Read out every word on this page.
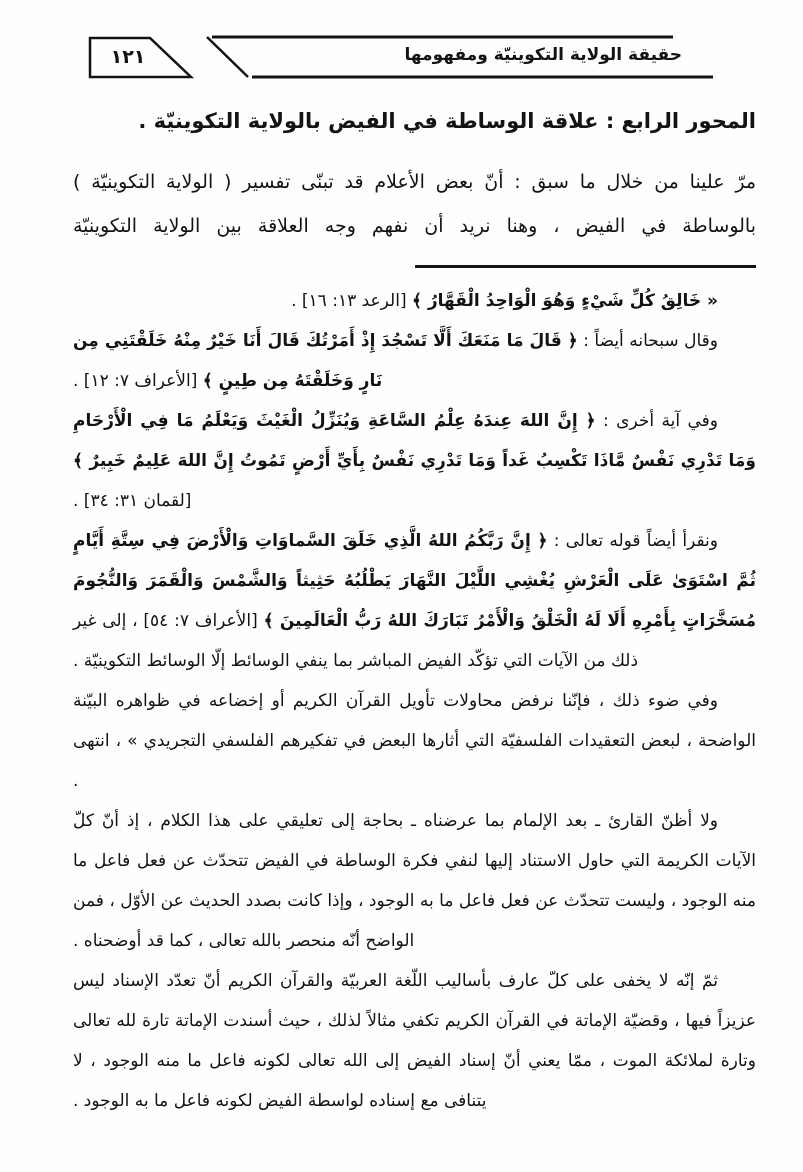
١٢١	حقيقة الولاية التكوينيّة ومفهومها
المحور الرابع : علاقة الوساطة في الفيض بالولاية التكوينيّة .
مرّ علينا من خلال ما سبق : أنّ بعض الأعلام قد تبنّى تفسير ( الولاية التكوينيّة ) بالوساطة في الفيض ، وهنا نريد أن نفهم وجه العلاقة بين الولاية التكوينيّة
« خَالِقُ كُلِّ شَيْءٍ وَهُوَ الْوَاحِدُ الْقَهَّارُ ﴾ [الرعد ١٣: ١٦] .
وقال سبحانه أيضاً : ﴿ قَالَ مَا مَنَعَكَ أَلَّا تَسْجُدَ إِذْ أَمَرْتُكَ قَالَ أَنَا خَيْرٌ مِنْهُ خَلَقْتَنِي مِن نَارٍ وَخَلَقْتَهُ مِن طِينٍ ﴾ [الأعراف ٧: ١٢] .
وفي آية أخرى : ﴿ إِنَّ اللهَ عِندَهُ عِلْمُ السَّاعَةِ وَيُنَزِّلُ الْغَيْثَ وَيَعْلَمُ مَا فِي الْأَرْحَامِ وَمَا تَدْرِي نَفْسٌ مَّاذَا تَكْسِبُ غَداً وَمَا تَدْرِي نَفْسٌ بِأَيِّ أَرْضٍ تَمُوتُ إِنَّ اللهَ عَلِيمٌ خَبِيرٌ ﴾ [لقمان ٣١: ٣٤] .
ونقرأ أيضاً قوله تعالى : ﴿ إِنَّ رَبَّكُمُ اللهُ الَّذِي خَلَقَ السَّماوَاتِ وَالْأَرْضَ فِي سِتَّةِ أَيَّامٍ ثُمَّ اسْتَوَىٰ عَلَى الْعَرْشِ يُغْشِي اللَّيْلَ النَّهَارَ يَطْلُبُهُ حَثِيثاً وَالشَّمْسَ وَالْقَمَرَ وَالنُّجُومَ مُسَخَّرَاتٍ بِأَمْرِهِ أَلَا لَهُ الْخَلْقُ وَالْأَمْرُ تَبَارَكَ اللهُ رَبُّ الْعَالَمِينَ ﴾ [الأعراف ٧: ٥٤] ، إلى غير ذلك من الآيات التي تؤكّد الفيض المباشر بما ينفي الوسائط إلّا الوسائط التكوينيّة .
وفي ضوء ذلك ، فإنّنا نرفض محاولات تأويل القرآن الكريم أو إخضاعه في ظواهره البيّنة الواضحة ، لبعض التعقيدات الفلسفيّة التي أثارها البعض في تفكيرهم الفلسفي التجريدي » ، انتهى .
ولا أظنّ القارئ ـ بعد الإلمام بما عرضناه ـ بحاجة إلى تعليقي على هذا الكلام ، إذ أنّ كلّ الآيات الكريمة التي حاول الاستناد إليها لنفي فكرة الوساطة في الفيض تتحدّث عن فعل فاعل ما منه الوجود ، وليست تتحدّث عن فعل فاعل ما به الوجود ، وإذا كانت بصدد الحديث عن الأوّل ، فمن الواضح أنّه منحصر بالله تعالى ، كما قد أوضحناه .
ثمّ إنّه لا يخفى على كلّ عارف بأساليب اللّغة العربيّة والقرآن الكريم أنّ تعدّد الإسناد ليس عزيزاً فيها ، وقضيّة الإماتة في القرآن الكريم تكفي مثالاً لذلك ، حيث أسندت الإماتة تارة لله تعالى وتارة لملائكة الموت ، ممّا يعني أنّ إسناد الفيض إلى الله تعالى لكونه فاعل ما منه الوجود ، لا يتنافى مع إسناده لواسطة الفيض لكونه فاعل ما به الوجود .
